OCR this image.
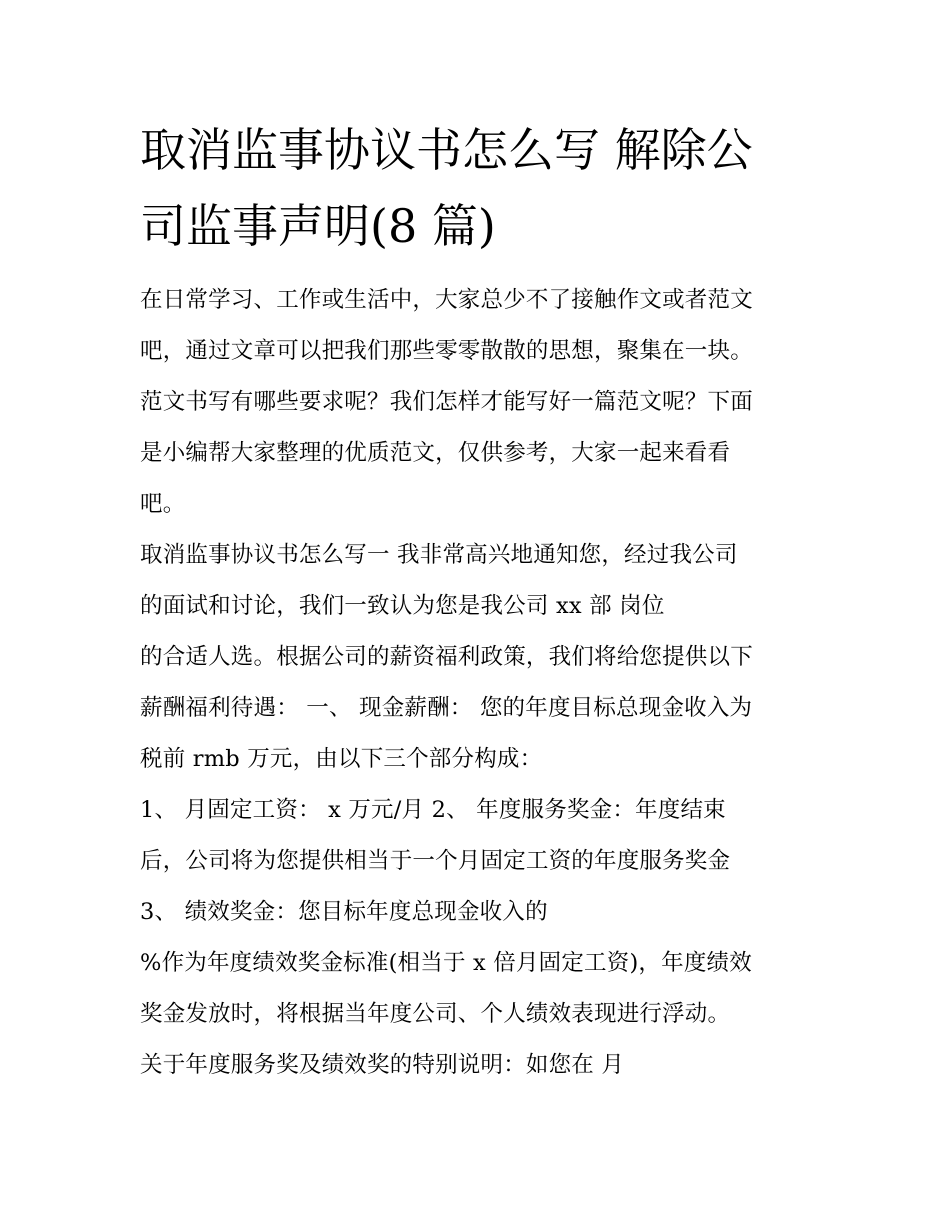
取消监事协议书怎么写 解除公
司监事声明(8 篇)
在日常学习、工作或生活中，大家总少不了接触作文或者范文
吧，通过文章可以把我们那些零零散散的思想，聚集在一块。
范文书写有哪些要求呢？我们怎样才能写好一篇范文呢？下面
是小编帮大家整理的优质范文，仅供参考，大家一起来看看
吧。
取消监事协议书怎么写一 我非常高兴地通知您，经过我公司
的面试和讨论，我们一致认为您是我公司 xx 部 岗位
的合适人选。根据公司的薪资福利政策，我们将给您提供以下
薪酬福利待遇： 一、 现金薪酬： 您的年度目标总现金收入为
税前 rmb 万元，由以下三个部分构成：
1、 月固定工资： x 万元/月 2、 年度服务奖金：年度结束
后，公司将为您提供相当于一个月固定工资的年度服务奖金
3、 绩效奖金：您目标年度总现金收入的
%作为年度绩效奖金标准(相当于 x 倍月固定工资)，年度绩效
奖金发放时，将根据当年度公司、个人绩效表现进行浮动。
关于年度服务奖及绩效奖的特别说明：如您在 月
